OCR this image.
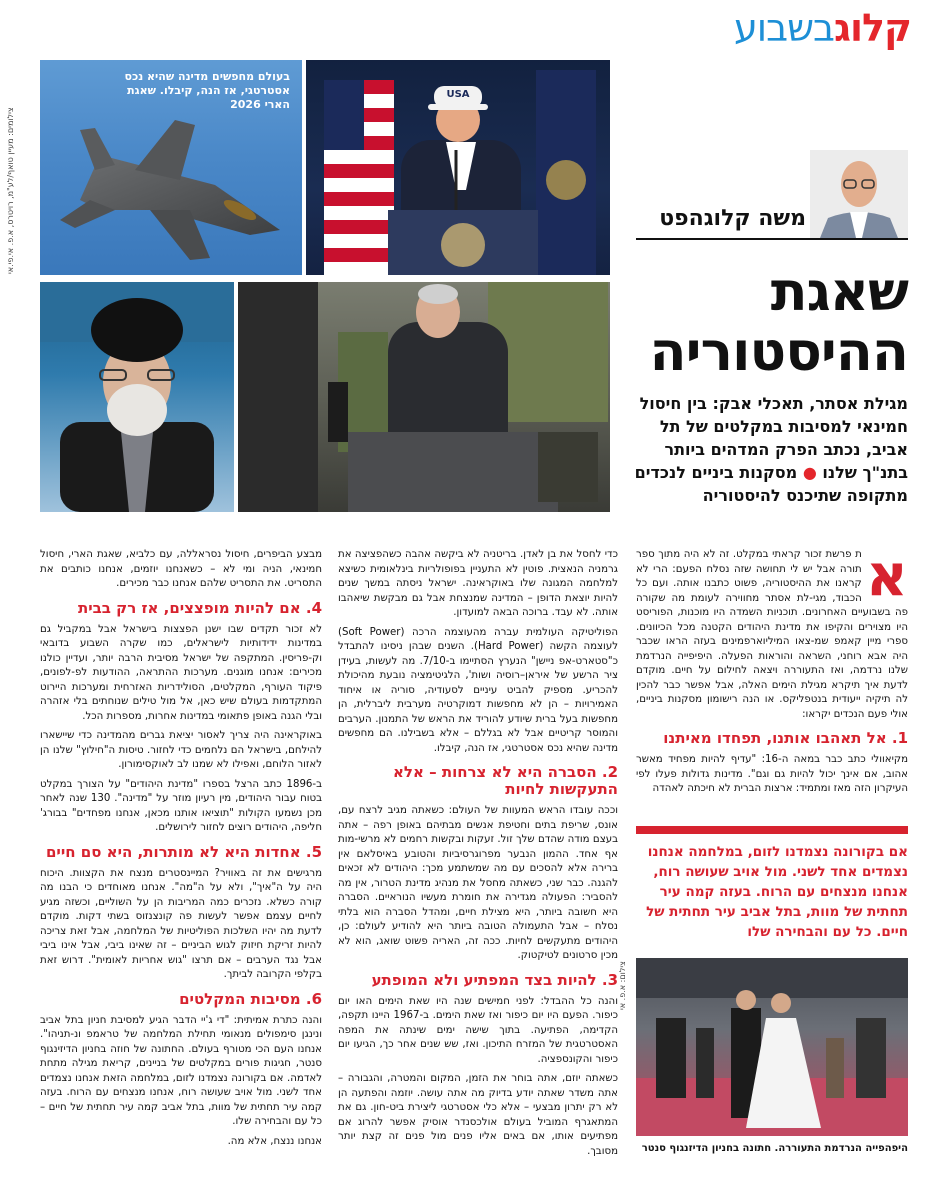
קלוגבשבוע
צילומים: מעיין טואף/לע"מ, רויטרס, א.פ. אי.פי.אי
בעולם מחפשים מדינה שהיא נכס אסטרטגי, אז הנה, קיבלו. שאגת הארי 2026
USA
משה קלוגהפט
שאגת
ההיסטוריה
מגילת אסתר, תאכלי אבק: בין חיסול חמינאי למסיבות במקלטים של תל אביב, נכתב הפרק המדהים ביותר בתנ"ך שלנו ● מסקנות ביניים לנכדים מתקופה שתיכנס להיסטוריה

א
ת פרשת זכור קראתי במקלט. זה לא היה מתוך ספר תורה אבל יש לי תחושה שזה נסלח הפעם: הרי לא קראנו את ההיסטוריה, פשוט כתבנו אותה. ועם כל הכבוד, מגי-לת אסתר מחווירה לעומת מה שקורה פה בשבועיים האחרונים. תוכניות השמדה היו מוכנות, הפוריסט היו מצוירים והקיפו את מדינת היהודים הקטנה מכל הכיוונים. ספרי מיין קאמפ שמ-צאו המיליוארפמינים בעזה הראו שכבר היה אבא רוחני, השראה והוראות הפעלה. היפיפייה הנרדמת שלנו נרדמה, ואז התעוררה ויצאה לחילום על חיים. מוקדם לדעת איך תיקרא מגילת הימים האלה, אבל אפשר כבר להכין לה תיקיה ייעודית בנטפליקס. או הנה רישומון מסקנות ביניים, אולי פעם הנכדים יקראו:

1. אל תאהבו אותנו, תפחדו מאיתנו

מקיאוולי כתב כבר במאה ה-16: "עדיף להיות מפחיד מאשר אהוב, אם אינך יכול להיות גם וגם". מדינות גדולות פעלו לפי העיקרון הזה מאז ומתמיד: ארצות הברית לא חיכתה לאהדה

אם בקורונה נצמדנו לזום, במלחמה אנחנו נצמדים אחד לשני. מול אויב שעושה רוח, אנחנו מנצחים עם הרוח. בעזה קמה עיר תחתית של מוות, בתל אביב עיר תחתית של חיים. כל עם והבחירה שלו
צילום: א.פ. אי
היפהפייה הנרדמת התעוררה. חתונה בחניון הדיזנגוף סנטר

כדי לחסל את בן לאדן. בריטניה לא ביקשה אהבה כשהפציצה את גרמניה הנאצית. פוטין לא התעניין בפופולריות בינלאומית כשיצא למלחמה המגונה שלו באוקראינה. ישראל ניסתה במשך שנים להיות יוצאת הדופן – המדינה שמנצחת אבל גם מבקשת שיאהבו אותה. לא עבד. ברוכה הבאה למועדון.

הפוליטיקה העולמית עברה מהעוצמה הרכה (Soft Power) לעוצמה הקשה (Hard Power). השנים שבהן ניסינו להתבדל כ"סטארט-אפ ניישן" הנערץ הסתיימו ב-7/10. מה לעשות, בעידן ציר הרשע של איראן–רוסיה ושות', הלגיטימציה נובעת מהיכולת להכריע. מספיק להביט עיניים לסעודיה, סוריה או איחוד האמירויות – הן לא מחפשות דמוקרטיה מערבית ליברלית, הן מחפשות בעל ברית שיודע להוריד את הראש של התמנון. הערבים והמוסר קריטיים אבל לא בגללם – אלא בשבילנו. הם מחפשים מדינה שהיא נכס אסטרטגי, אז הנה, קיבלו.

2. הסברה היא לא צרחות – אלא התעקשות לחיות

וככה עובדו הראש המעוות של העולם: כשאתה מגיב לרצח עם, אונס, שריפת בתים וחטיפת אנשים מבתיהם באופן רפה – אתה בעצם מודה שהדם שלך זול. זעקות ובקשות רחמים לא מרשי-מות אף אחד. ההמון הנבער מפרוגרסיביות והטובע באיסלאם אין ברירה אלא להסכים עם מה שמשתמע מכך: היהודים לא זכאים להגנה. כבר שני, כשאתה מחסל את מנהיג מדינת הטרור, אין מה להסביר: הפעולה מגדירה את חומרת מעשיו הנוראיים. הסברה היא חשובה ביותר, היא מצילת חיים, ומהדל הסברה הוא בלתי נסלח – אבל התעמולה הטובה ביותר היא להודיע לעולם: כן, היהודים מתעקשים לחיות. ככה זה, האריה פשוט שואג, הוא לא מכין סרטונים לטיקטוק.

3. להיות בצד המפתיע ולא המופתע

והנה כל ההבדל: לפני חמישים שנה היו שאת הימים האו יום כיפור. הפעם היו יום כיפור ואז שאת הימים. ב-1967 היינו תקפה, הקדימה, הפתיעה. בתוך שישה ימים שינתה את המפה האסטרטגית של המזרח התיכון. ואז, שש שנים אחר כך, הגיעו יום כיפור והקונספציה.

כשאתה יוזם, אתה בוחר את הזמן, המקום והמטרה, והגבורה – אתה משדר שאתה יודע בדיוק מה אתה עושה. יוזמה והפתעה הן לא רק יתרון מבצעי – אלא כלי אסטרטגי ליצירת ביט-חון. גם את המתאגרף המוביל בעולם אולכסנדר אוסיק אפשר להרוג אם מפתיעים אותו, אם באים אליו פנים מול פנים זה קצת יותר מסובך.

מבצע הביפרים, חיסול נסראללה, עם כלביא, שאגת הארי, חיסול חמינאי, הניה ומי לא – כשאנחנו יוזמים, אנחנו כותבים את התסריט. את התסריט שלהם אנחנו כבר מכירים.

4. אם להיות מופצצים, אז רק בבית

לא זכור תקדים שבו ישנן הפצצות בישראל אבל במקביל גם במדינות ידידותיות לישראלים, כמו שקרה השבוע בדובאי וק-פריסין. המתקפה של ישראל מסיבית הרבה יותר, ועדיין כולנו מכירים: אנחנו מוגנים. מערכות ההתראה, ההודעות לפ-לפונים, פיקוד העורף, המקלטים, הסולידריות האזרחית ומערכות היירוט המתקדמות בעולם שיש כאן, אל מול טילים שנוחתים בלי אזהרה ובלי הגנה באופן פתאומי במדינות אחרות, מספרות הכל.

באוקראינה היה צריך לאסור יציאת גברים מהמדינה כדי שיישארו להילחם, בישראל הם נלחמים כדי לחזור. טיסות ה"חילוץ" שלנו הן לאזור הלוחם, ואפילו לא שמנו לב לאוקסימורון.

ב-1896 כתב הרצל בספרו "מדינת היהודים" על הצורך במקלט בטוח עבור היהודים, מין רעיון מוזר על "מדינה". 130 שנה לאחר מכן נשמעו הקולות "תוציאו אותנו מכאן, אנחנו מפחדים" בבורג' חליפה, היהודים רוצים לחזור לירושלים.

5. אחדות היא לא מותרות, היא סם חיים

מרגישים את זה באוויר? המיינסטרים מנצח את הקצוות. היכוח היה על ה"איך", ולא על ה"מה". אנחנו מאוחדים כי הבנו מה קורה כשלא. נזכרים כמה המריבות הן על השוליים, וכשזה מגיע לחיים עצמם אפשר לעשות פה קונצנזוס בשתי דקות. מוקדם לדעת מה יהיו השלכות הפוליטיות של המלחמה, אבל זאת צריכה להיות זריקת חיזוק לגוש הביניים – זה שאינו ביבי, אבל אינו ביבי אבל נגד הערבים – אם תרצו "גוש אחריות לאומית". דרוש זאת בקלפי הקרובה לביתך.

6. מסיבות המקלטים

והנה כתרת אמיתית: "די ג'יי הדבר הגיע למסיבת חניון בתל אביב ונינגן סימפולים מנאומי תחילת המלחמה של טראמפ ונ-תניהו". אנחנו העם הכי מטורף בעולם. החתונה של חוזה בחניון הדיזינגוף סנטר, חגיגות פורים במקלטים של בניינים, קריאת מגילה מתחת לאדמה. אם בקורונה נצמדנו לזום, במלחמה הזאת אנחנו נצמדים אחד לשני. מול אויב שעושה רוח, אנחנו מנצחים עם הרוח. בעזה קמה עיר תחתית של מוות, בתל אביב קמה עיר תחתית של חיים – כל עם והבחירה שלו.

אנחנו ננצח, אלא מה.
